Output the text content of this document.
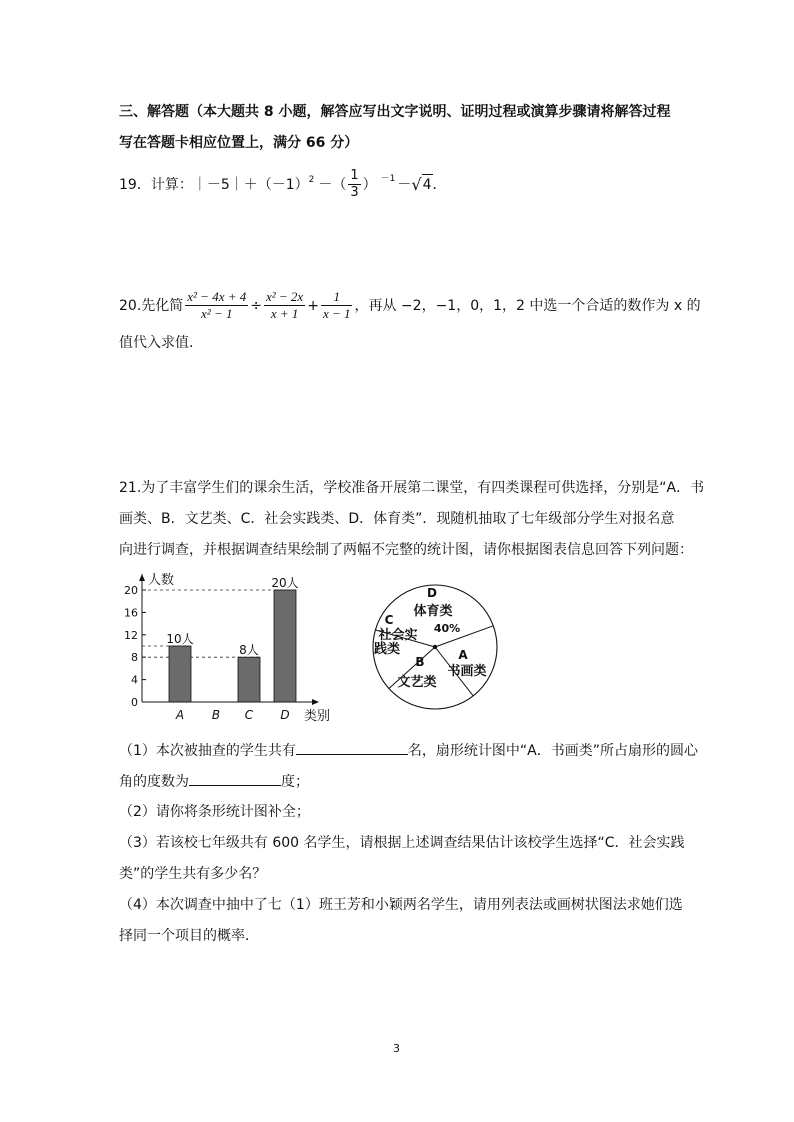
三、解答题（本大题共 8 小题，解答应写出文字说明、证明过程或演算步骤请将解答过程
写在答题卡相应位置上，满分 66 分）
19．计算： $|-5|+(-1)^2$ －（ $\frac{1}{3}$ ） $^{-1}$ － √ 4 ．
20. 先化简 $\frac{\text{x² − 4x + 4}}{\text{x² − 1}} \div \frac{\text{x² − 2x}}{x + 1} + \frac{1}{x - 1}$ ，再从 −2，−1，0，1，2 中选一个合适的数作为 x 的
值代入求值．
21.为了丰富学生们的课余生活，学校准备开展第二课堂，有四类课程可供选择，分别是“A．书
画类、B．文艺类、C．社会实践类、D．体育类”．现随机抽取了七年级部分学生对报名意
向进行调查，并根据调查结果绘制了两幅不完整的统计图，请你根据图表信息回答下列问题：
人数
类别
0
4
8
12
16
20
10人
A B
8人
C
20人
D
D
体育类
40%
A
书画类
B
文艺类
C
社会实
践类
（1）本次被抽查的学生共有	名，扇形统计图中“A．书画类”所占扇形的圆心
角的度数为	度；
（2）请你将条形统计图补全；
（3）若该校七年级共有 600 名学生，请根据上述调查结果估计该校学生选择“C．社会实践
类”的学生共有多少名？
（4）本次调查中抽中了七（1）班王芳和小颖两名学生，请用列表法或画树状图法求她们选
择同一个项目的概率．
3
